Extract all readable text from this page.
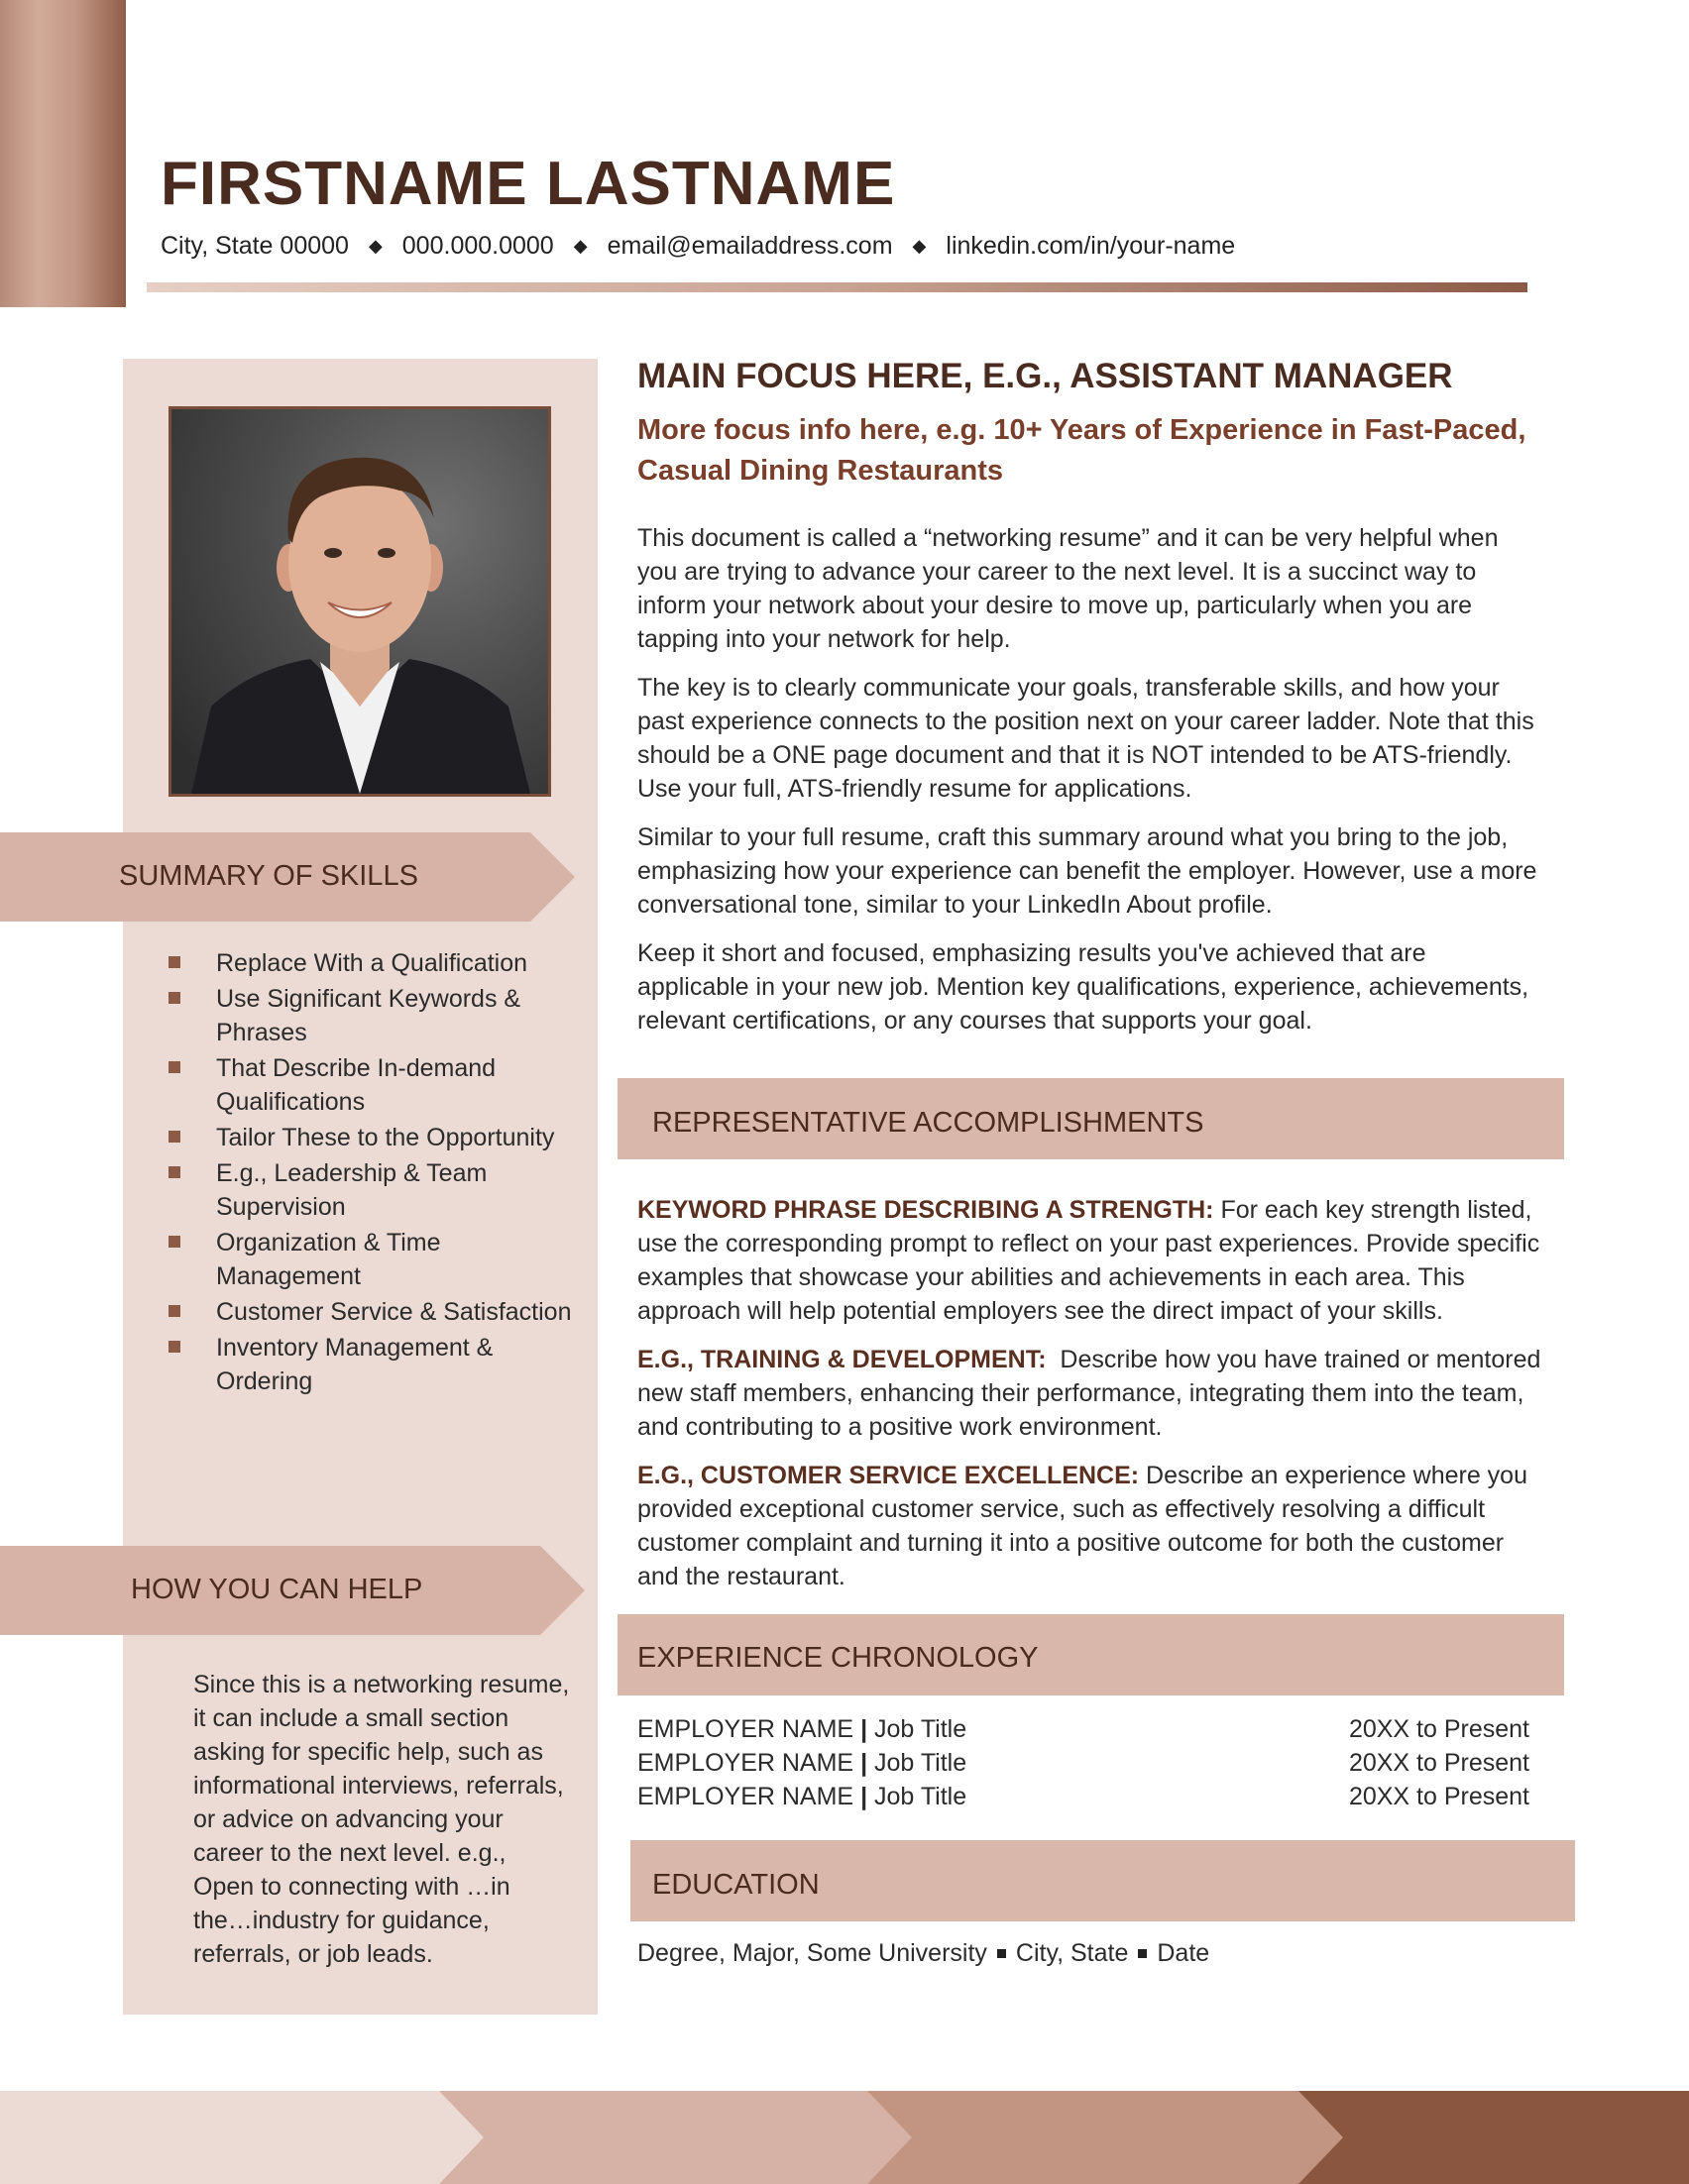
FIRSTNAME LASTNAME
City, State 00000 ◆ 000.000.0000 ◆ email@emailaddress.com ◆ linkedin.com/in/your-name
SUMMARY OF SKILLS
Replace With a Qualification
Use Significant Keywords & Phrases
That Describe In-demand Qualifications
Tailor These to the Opportunity
E.g., Leadership & Team Supervision
Organization & Time Management
Customer Service & Satisfaction
Inventory Management & Ordering
HOW YOU CAN HELP
Since this is a networking resume, it can include a small section asking for specific help, such as informational interviews, referrals, or advice on advancing your career to the next level. e.g., Open to connecting with …in the…industry for guidance, referrals, or job leads.
MAIN FOCUS HERE, E.G., ASSISTANT MANAGER
More focus info here, e.g. 10+ Years of Experience in Fast-Paced, Casual Dining Restaurants

This document is called a “networking resume” and it can be very helpful when you are trying to advance your career to the next level. It is a succinct way to inform your network about your desire to move up, particularly when you are tapping into your network for help.

The key is to clearly communicate your goals, transferable skills, and how your past experience connects to the position next on your career ladder. Note that this should be a ONE page document and that it is NOT intended to be ATS-friendly. Use your full, ATS-friendly resume for applications.

Similar to your full resume, craft this summary around what you bring to the job, emphasizing how your experience can benefit the employer. However, use a more conversational tone, similar to your LinkedIn About profile.

Keep it short and focused, emphasizing results you've achieved that are applicable in your new job. Mention key qualifications, experience, achievements, relevant certifications, or any courses that supports your goal.

REPRESENTATIVE ACCOMPLISHMENTS

KEYWORD PHRASE DESCRIBING A STRENGTH: For each key strength listed, use the corresponding prompt to reflect on your past experiences. Provide specific examples that showcase your abilities and achievements in each area. This approach will help potential employers see the direct impact of your skills.

E.G., TRAINING & DEVELOPMENT:  Describe how you have trained or mentored new staff members, enhancing their performance, integrating them into the team, and contributing to a positive work environment.

E.G., CUSTOMER SERVICE EXCELLENCE: Describe an experience where you provided exceptional customer service, such as effectively resolving a difficult customer complaint and turning it into a positive outcome for both the customer and the restaurant.

EXPERIENCE CHRONOLOGY
EMPLOYER NAME | Job Title	20XX to Present
EMPLOYER NAME | Job Title	20XX to Present
EMPLOYER NAME | Job Title	20XX to Present
EDUCATION
Degree, Major, Some University City, State Date
